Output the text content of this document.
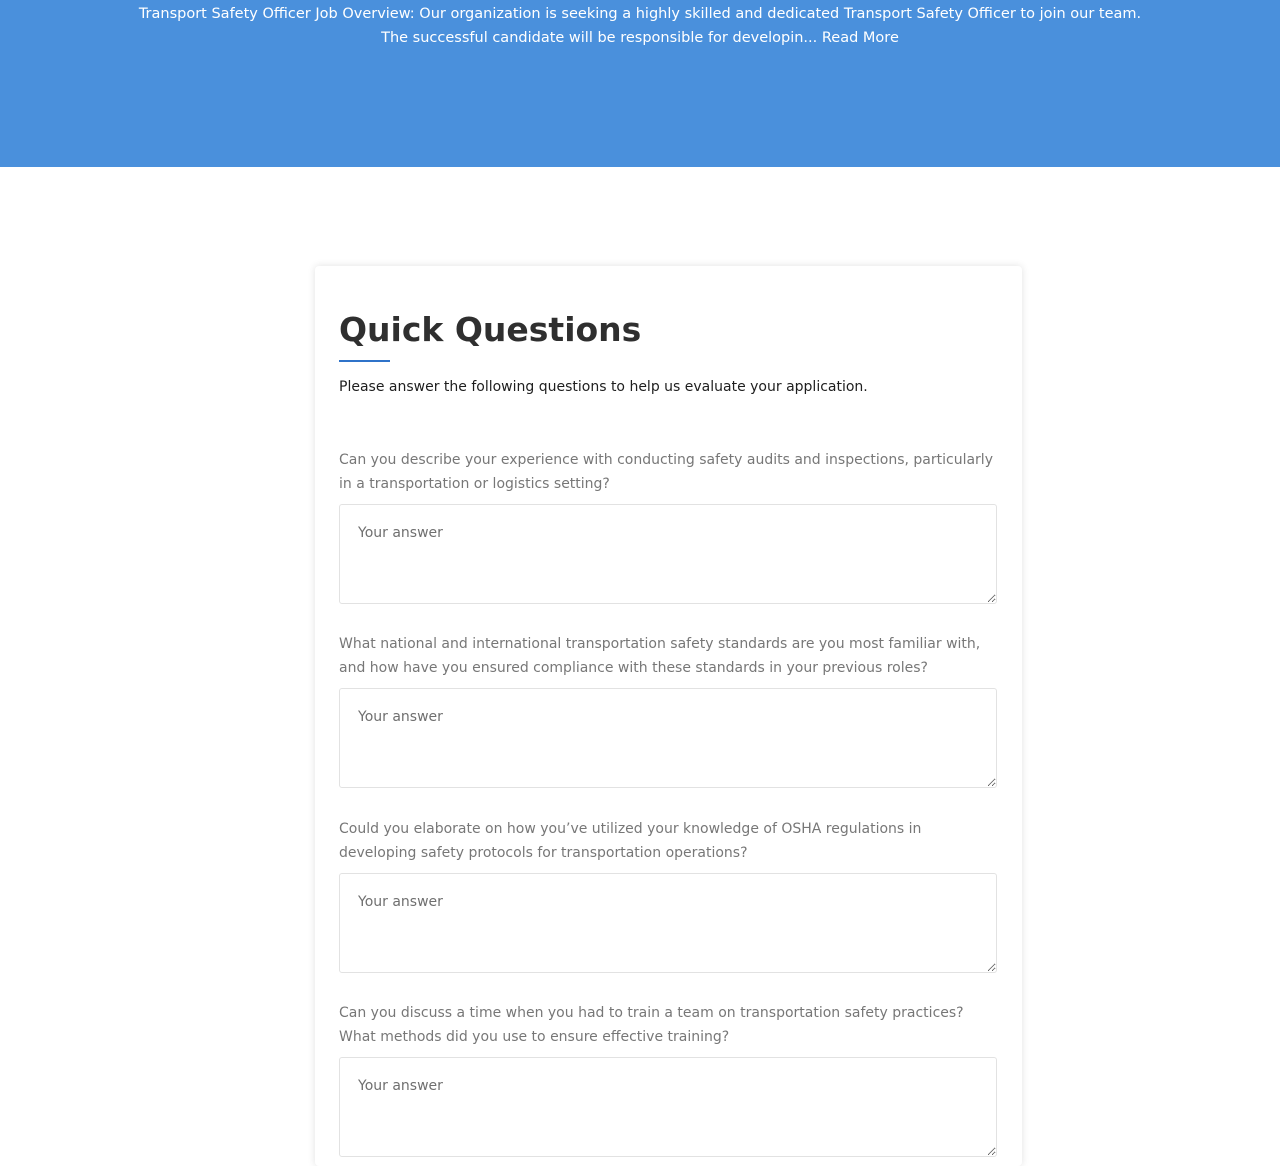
Transport Safety Officer Job Overview: Our organization is seeking a highly skilled and dedicated Transport Safety Officer to join our team. The successful candidate will be responsible for developin... Read More

Quick Questions

Please answer the following questions to help us evaluate your application.

Can you describe your experience with conducting safety audits and inspections, particularly in a transportation or logistics setting?
Your answer
What national and international transportation safety standards are you most familiar with, and how have you ensured compliance with these standards in your previous roles?
Your answer
Could you elaborate on how you’ve utilized your knowledge of OSHA regulations in developing safety protocols for transportation operations?
Your answer
Can you discuss a time when you had to train a team on transportation safety practices? What methods did you use to ensure effective training?
Your answer
